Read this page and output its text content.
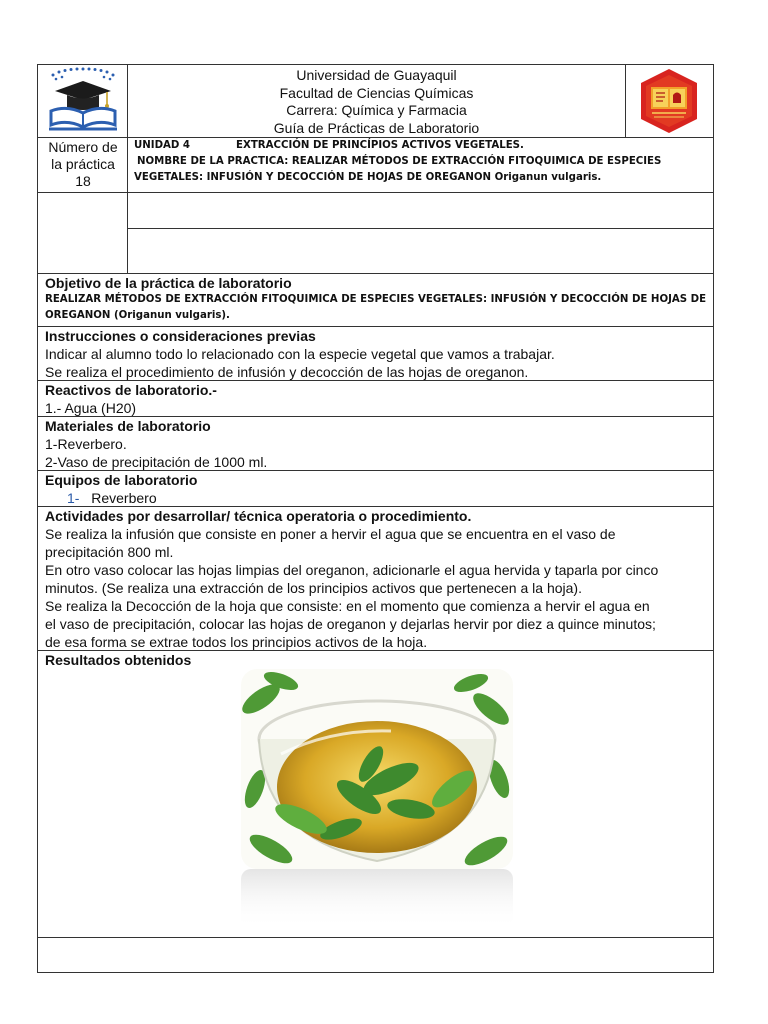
Universidad de Guayaquil
Facultad de Ciencias Químicas
Carrera: Química y Farmacia
Guía de Prácticas de Laboratorio
Número de
la práctica
18
UNIDAD 4	EXTRACCIÓN DE PRINCÍPIOS ACTIVOS VEGETALES.
NOMBRE DE LA PRACTICA: REALIZAR MÉTODOS DE EXTRACCIÓN FITOQUIMICA DE ESPECIES
VEGETALES: INFUSIÓN Y DECOCCIÓN DE HOJAS DE OREGANON Origanun vulgaris.
Objetivo de la práctica de laboratorio
REALIZAR MÉTODOS DE EXTRACCIÓN FITOQUIMICA DE ESPECIES VEGETALES: INFUSIÓN Y DECOCCIÓN DE HOJAS DE
OREGANON (Origanun vulgaris).
Instrucciones o consideraciones previas
Indicar al alumno todo lo relacionado con la especie vegetal que vamos a trabajar.
Se realiza el procedimiento de infusión y decocción de las hojas de oreganon.
Reactivos de laboratorio.-
1.- Agua (H20)
Materiales de laboratorio
1-Reverbero.
2-Vaso de precipitación de 1000 ml.
Equipos de laboratorio
1- Reverbero
Actividades por desarrollar/ técnica operatoria o procedimiento.
Se realiza la infusión que consiste en poner a hervir el agua que se encuentra en el vaso de
precipitación 800 ml.
En otro vaso colocar las hojas limpias del oreganon, adicionarle el agua hervida y taparla por cinco
minutos. (Se realiza una extracción de los principios activos que pertenecen a la hoja).
Se realiza la Decocción de la hoja que consiste: en el momento que comienza a hervir el agua en
el vaso de precipitación, colocar las hojas de oreganon y dejarlas hervir por diez a quince minutos;
de esa forma se extrae todos los principios activos de la hoja.
Resultados obtenidos
